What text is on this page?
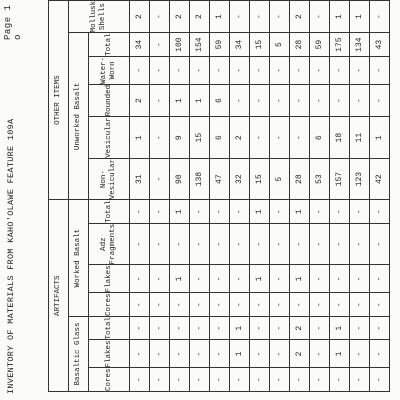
INVENTORY OF MATERIALS FROM KAHO'OLAWE FEATURE 109A
Page 1 o
ARTIFACTS							OTHER ITEMS					
Basaltic Glass			Worked Basalt				Unworked Basalt					Mollusk Shells
Cores	Flakes	Total	Cores	Flakes	Adz Fragments	Total	Non-Vesicular	Vesicular	Rounded	Water-Worn	Total	
-	-	-	-	-	-	-	31	1	2	-	34	2
-	-	-	-	-	-	-	-	-	-	-	-	-
-	-	-	-	1	-	1	90	9	1	-	100	2
-	-	-	-	-	-	-	138	15	1	-	154	2
-	-	-	-	-	-	-	47	6	6	-	59	1
-	1	1	-	-	-	-	32	2	-	-	34	-
-	-	-	-	1	-	1	15	-	-	-	15	-
-	-	-	-	-	-	-	5	-	-	-	5	-
-	2	2	-	1	-	1	28	-	-	-	28	2
-	-	-	-	-	-	-	53	6	-	-	59	-
-	1	1	-	-	-	-	157	18	-	-	175	1
-	-	-	-	-	-	-	123	11	-	-	134	1
-	-	-	-	-	-	-	42	1	-	-	43	-
